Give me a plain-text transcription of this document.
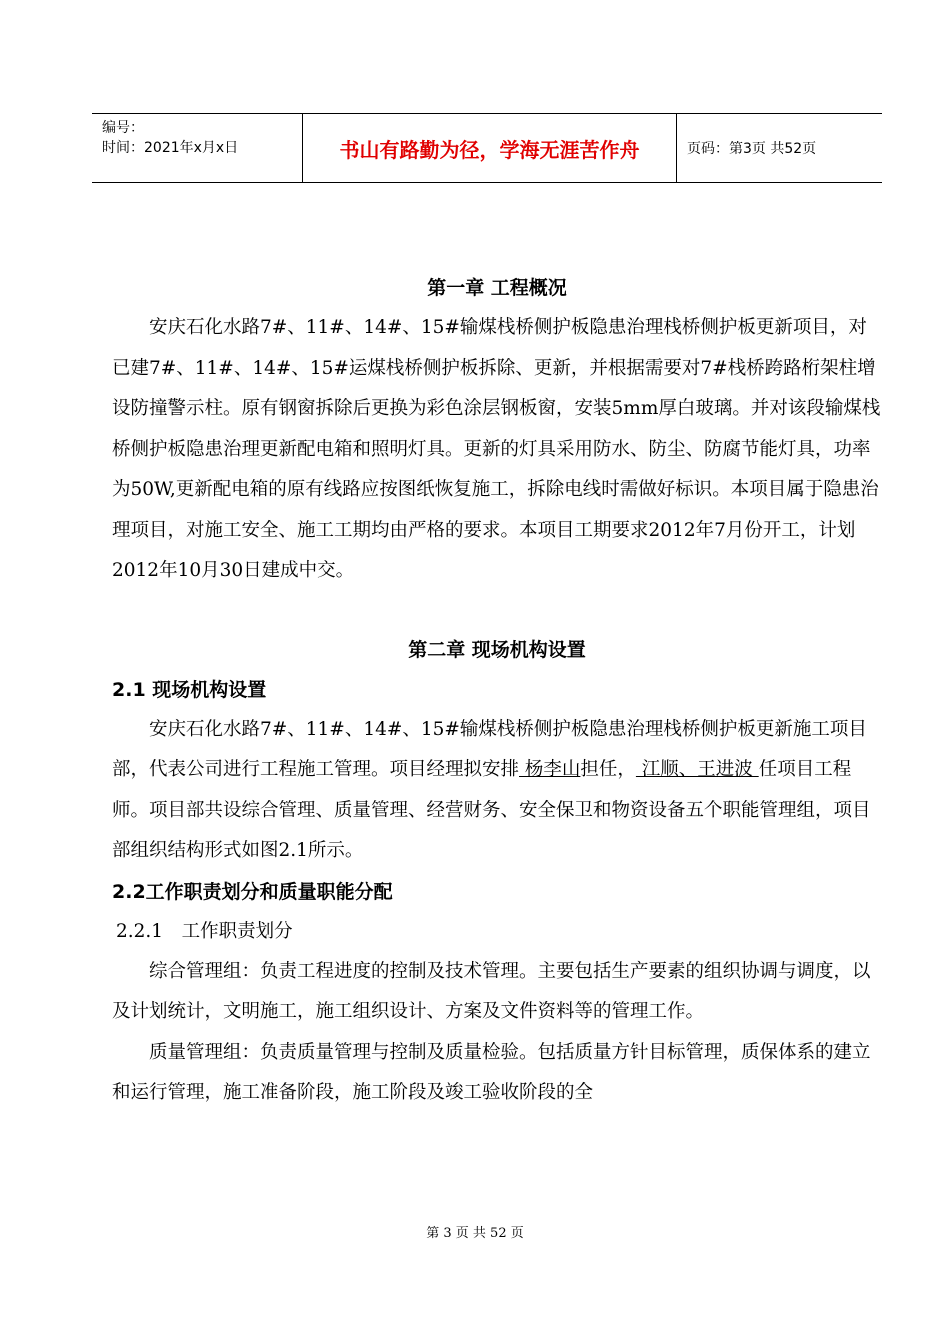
编号：
时间：2021年x月x日	书山有路勤为径，学海无涯苦作舟	页码：第3页 共52页
第一章 工程概况

安庆石化水路7#、11#、14#、15#输煤栈桥侧护板隐患治理栈桥侧护板更新项目，对已建7#、11#、14#、15#运煤栈桥侧护板拆除、更新，并根据需要对7#栈桥跨路桁架柱增设防撞警示柱。原有钢窗拆除后更换为彩色涂层钢板窗，安装5mm厚白玻璃。并对该段输煤栈桥侧护板隐患治理更新配电箱和照明灯具。更新的灯具采用防水、防尘、防腐节能灯具，功率为50W,更新配电箱的原有线路应按图纸恢复施工，拆除电线时需做好标识。本项目属于隐患治理项目，对施工安全、施工工期均由严格的要求。本项目工期要求2012年7月份开工，计划2012年10月30日建成中交。

第二章 现场机构设置
2.1 现场机构设置

安庆石化水路7#、11#、14#、15#输煤栈桥侧护板隐患治理栈桥侧护板更新施工项目部，代表公司进行工程施工管理。项目经理拟安排 杨李山担任， 江顺、王进波 任项目工程师。项目部共设综合管理、质量管理、经营财务、安全保卫和物资设备五个职能管理组，项目部组织结构形式如图2.1所示。

2.2工作职责划分和质量职能分配
2.2.1　工作职责划分

综合管理组：负责工程进度的控制及技术管理。主要包括生产要素的组织协调与调度，以及计划统计，文明施工，施工组织设计、方案及文件资料等的管理工作。

质量管理组：负责质量管理与控制及质量检验。包括质量方针目标管理，质保体系的建立和运行管理，施工准备阶段，施工阶段及竣工验收阶段的全

第 3 页 共 52 页
